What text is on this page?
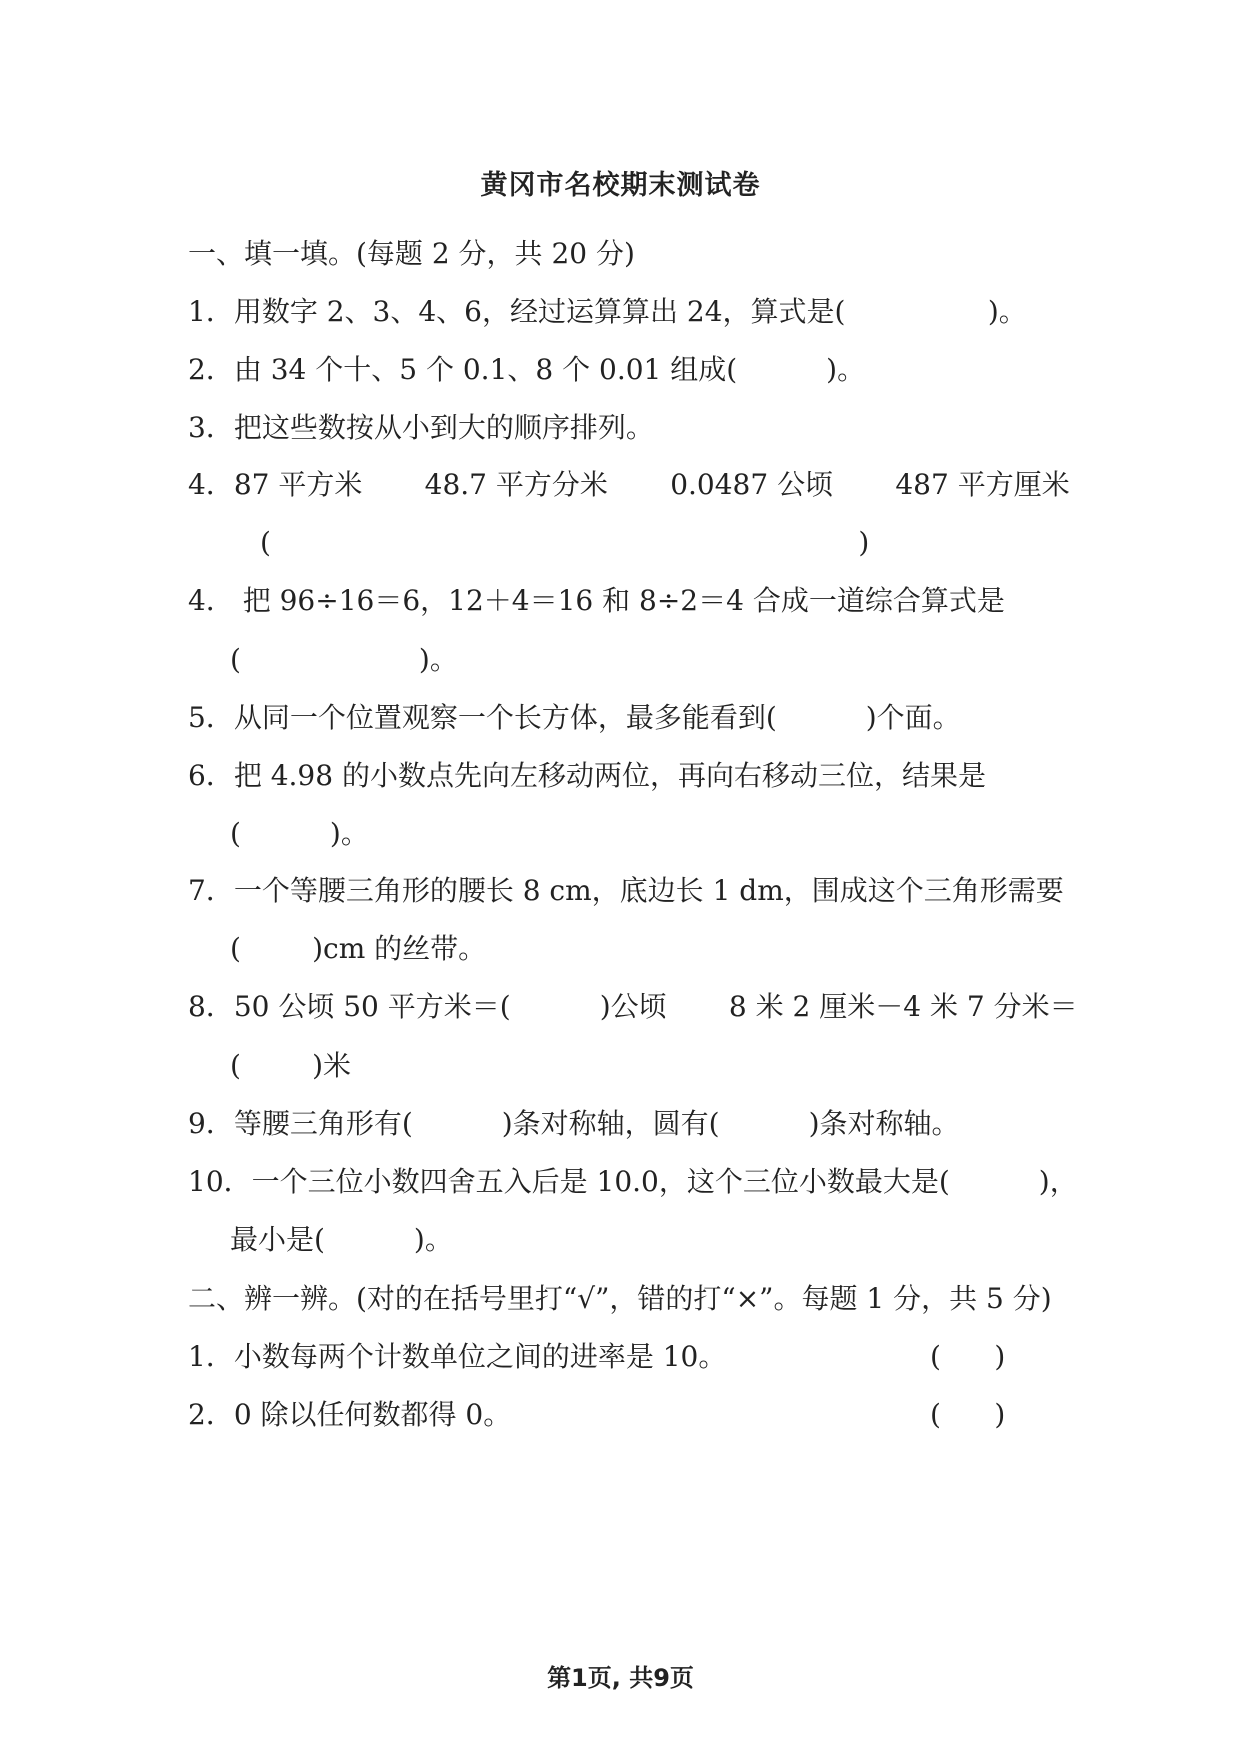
黄冈市名校期末测试卷
一、填一填。(每题 2 分，共 20 分)
1．用数字 2、3、4、6，经过运算算出 24，算式是(                )。
2．由 34 个十、5 个 0.1、8 个 0.01 组成(          )。
3．把这些数按从小到大的顺序排列。
4．87 平方米       48.7 平方分米       0.0487 公顷       487 平方厘米
(                                                                  )
4． 把 96÷16＝6，12＋4＝16 和 8÷2＝4 合成一道综合算式是
(                    )。
5．从同一个位置观察一个长方体，最多能看到(          )个面。
6．把 4.98 的小数点先向左移动两位，再向右移动三位，结果是
(          )。
7．一个等腰三角形的腰长 8 cm，底边长 1 dm，围成这个三角形需要
(        )cm 的丝带。
8．50 公顷 50 平方米＝(          )公顷       8 米 2 厘米－4 米 7 分米＝
(        )米
9．等腰三角形有(          )条对称轴，圆有(          )条对称轴。
10．一个三位小数四舍五入后是 10.0，这个三位小数最大是(          )，
最小是(          )。
二、辨一辨。(对的在括号里打“√”，错的打“×”。每题 1 分，共 5 分)
1．小数每两个计数单位之间的进率是 10。	(      )
2．0 除以任何数都得 0。	(      )
第1页, 共9页
